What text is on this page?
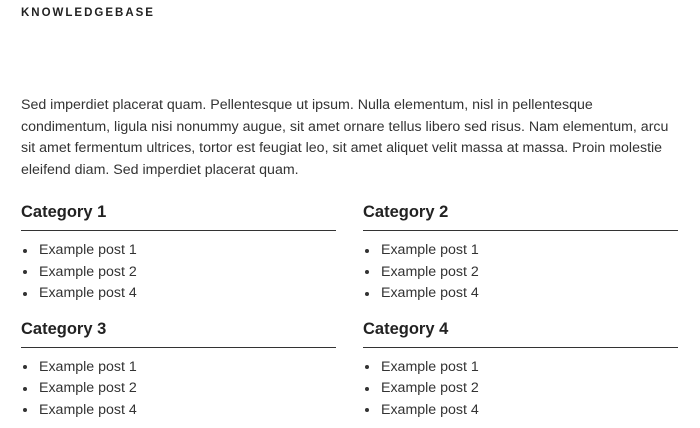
KNOWLEDGEBASE

Sed imperdiet placerat quam. Pellentesque ut ipsum. Nulla elementum, nisl in pellentesque condimentum, ligula nisi nonummy augue, sit amet ornare tellus libero sed risus. Nam elementum, arcu sit amet fermentum ultrices, tortor est feugiat leo, sit amet aliquet velit massa at massa. Proin molestie eleifend diam. Sed imperdiet placerat quam.

Category 1
Example post 1
Example post 2
Example post 4
Category 2
Example post 1
Example post 2
Example post 4
Category 3
Example post 1
Example post 2
Example post 4
Category 4
Example post 1
Example post 2
Example post 4
